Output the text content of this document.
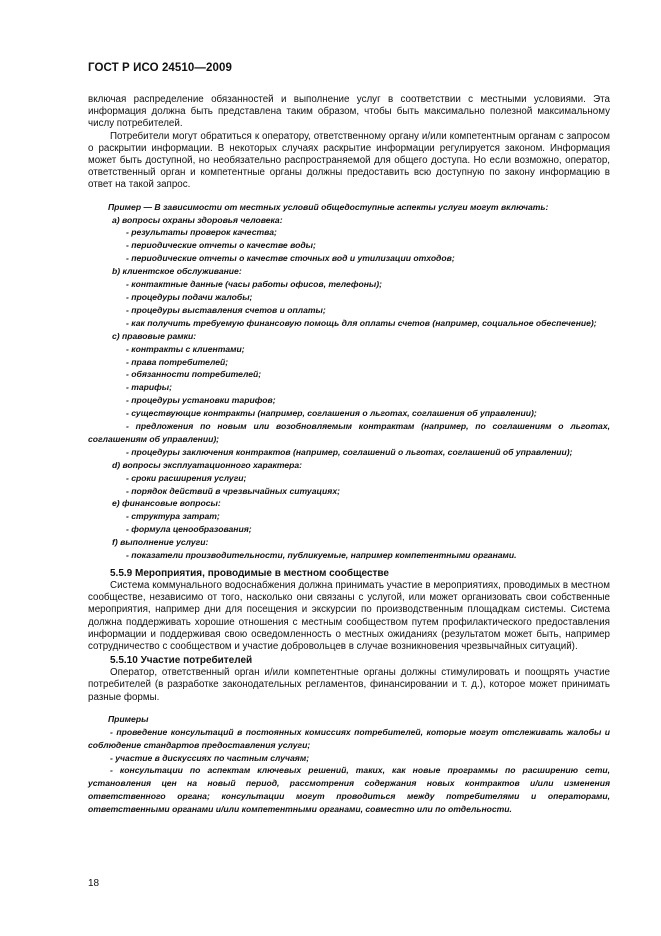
ГОСТ Р ИСО 24510—2009

включая распределение обязанностей и выполнение услуг в соответствии с местными условиями. Эта информация должна быть представлена таким образом, чтобы быть максимально полезной максимальному числу потребителей.

Потребители могут обратиться к оператору, ответственному органу и/или компетентным органам с запросом о раскрытии информации. В некоторых случаях раскрытие информации регулируется законом. Информация может быть доступной, но необязательно распространяемой для общего доступа. Но если возможно, оператор, ответственный орган и компетентные органы должны предоставить всю доступную по закону информацию в ответ на такой запрос.

Пример — В зависимости от местных условий общедоступные аспекты услуги могут включать:

а) вопросы охраны здоровья человека:

- результаты проверок качества;

- периодические отчеты о качестве воды;

- периодические отчеты о качестве сточных вод и утилизации отходов;

b) клиентское обслуживание:

- контактные данные (часы работы офисов, телефоны);

- процедуры подачи жалобы;

- процедуры выставления счетов и оплаты;

- как получить требуемую финансовую помощь для оплаты счетов (например, социальное обеспечение);

c) правовые рамки:

- контракты с клиентами;

- права потребителей;

- обязанности потребителей;

- тарифы;

- процедуры установки тарифов;

- существующие контракты (например, соглашения о льготах, соглашения об управлении);

- предложения по новым или возобновляемым контрактам (например, по соглашениям о льготах, соглашениям об управлении);

- процедуры заключения контрактов (например, соглашений о льготах, соглашений об управлении);

d) вопросы эксплуатационного характера:

- сроки расширения услуги;

- порядок действий в чрезвычайных ситуациях;

e) финансовые вопросы:

- структура затрат;

- формула ценообразования;

f) выполнение услуги:

- показатели производительности, публикуемые, например компетентными органами.

5.5.9 Мероприятия, проводимые в местном сообществе

Система коммунального водоснабжения должна принимать участие в мероприятиях, проводимых в местном сообществе, независимо от того, насколько они связаны с услугой, или может организовать свои собственные мероприятия, например дни для посещения и экскурсии по производственным площадкам системы. Система должна поддерживать хорошие отношения с местным сообществом путем профилактического предоставления информации и поддерживая свою осведомленность о местных ожиданиях (результатом может быть, например сотрудничество с сообществом и участие добровольцев в случае возникновения чрезвычайных ситуаций).

5.5.10 Участие потребителей

Оператор, ответственный орган и/или компетентные органы должны стимулировать и поощрять участие потребителей (в разработке законодательных регламентов, финансировании и т. д.), которое может принимать разные формы.

Примеры

- проведение консультаций в постоянных комиссиях потребителей, которые могут отслеживать жалобы и соблюдение стандартов предоставления услуги;

- участие в дискуссиях по частным случаям;

- консультации по аспектам ключевых решений, таких, как новые программы по расширению сети, установления цен на новый период, рассмотрения содержания новых контрактов и/или изменения ответственного органа; консультации могут проводиться между потребителями и операторами, ответственными органами и/или компетентными органами, совместно или по отдельности.

18
